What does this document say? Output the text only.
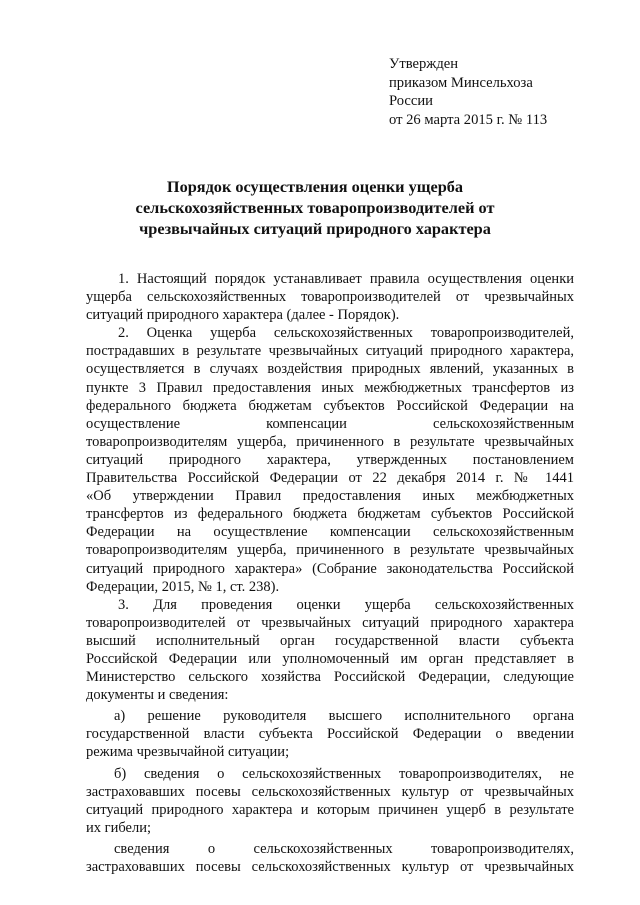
Утвержден
приказом Минсельхоза
России
от 26 марта 2015 г. № 113
Порядок осуществления оценки ущерба
сельскохозяйственных товаропроизводителей от
чрезвычайных ситуаций природного характера
1. Настоящий порядок устанавливает правила осуществления оценки
ущерба сельскохозяйственных товаропроизводителей от чрезвычайных
ситуаций природного характера (далее - Порядок).
2. Оценка ущерба сельскохозяйственных товаропроизводителей,
пострадавших в результате чрезвычайных ситуаций природного характера,
осуществляется в случаях воздействия природных явлений, указанных в
пункте 3 Правил предоставления иных межбюджетных трансфертов из
федерального бюджета бюджетам субъектов Российской Федерации на
осуществление компенсации сельскохозяйственным
товаропроизводителям ущерба, причиненного в результате чрезвычайных
ситуаций природного характера, утвержденных постановлением
Правительства Российской Федерации от 22 декабря 2014 г. № 1441
«Об утверждении Правил предоставления иных межбюджетных
трансфертов из федерального бюджета бюджетам субъектов Российской
Федерации на осуществление компенсации сельскохозяйственным
товаропроизводителям ущерба, причиненного в результате чрезвычайных
ситуаций природного характера» (Собрание законодательства Российской
Федерации, 2015, № 1, ст. 238).
3. Для проведения оценки ущерба сельскохозяйственных
товаропроизводителей от чрезвычайных ситуаций природного характера
высший исполнительный орган государственной власти субъекта
Российской Федерации или уполномоченный им орган представляет в
Министерство сельского хозяйства Российской Федерации, следующие
документы и сведения:
а) решение руководителя высшего исполнительного органа
государственной власти субъекта Российской Федерации о введении
режима чрезвычайной ситуации;
б) сведения о сельскохозяйственных товаропроизводителях, не
застраховавших посевы сельскохозяйственных культур от чрезвычайных
ситуаций природного характера и которым причинен ущерб в результате
их гибели;
сведения о сельскохозяйственных товаропроизводителях,
застраховавших посевы сельскохозяйственных культур от чрезвычайных
